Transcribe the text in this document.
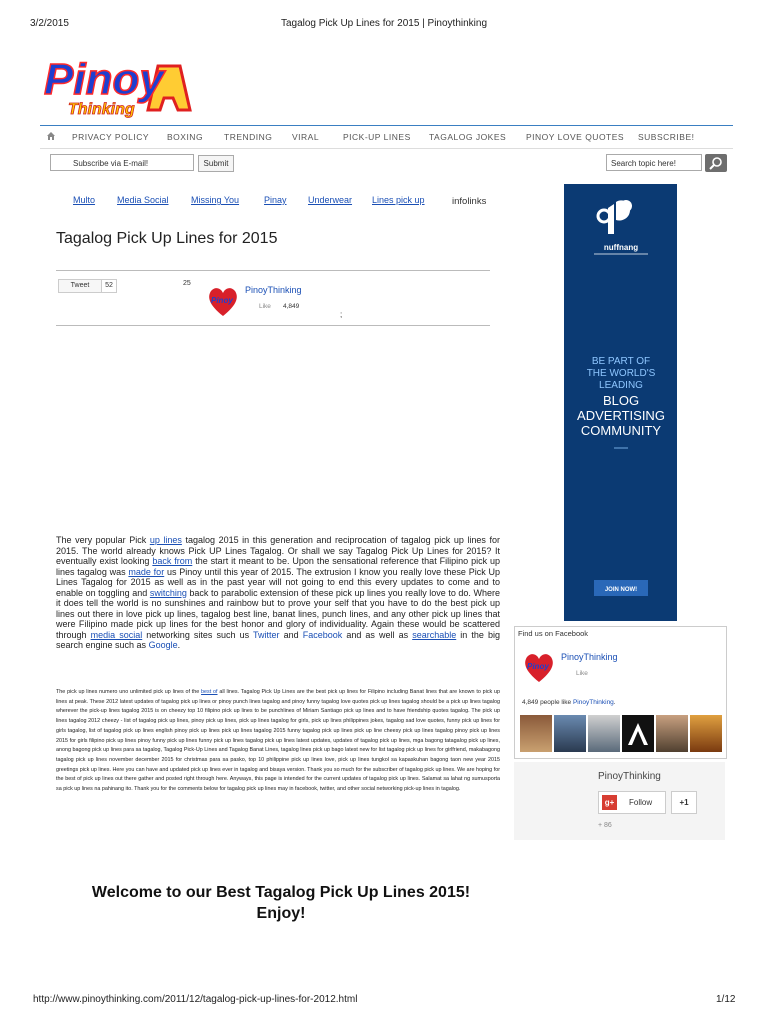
3/2/2015	Tagalog Pick Up Lines for 2015 | Pinoythinking
Pinoy
Thinking
PRIVACY POLICY	BOXING	TRENDING	VIRAL	PICK-UP LINES	TAGALOG JOKES	PINOY LOVE QUOTES	SUBSCRIBE!
Subscribe via E-mail!	Submit	Search topic here!
Multo Media Social Missing You	Pinay Underwear Lines pick up	infolinks
Tagalog Pick Up Lines for 2015
Tweet	52	25
Pinoy
PinoyThinking
Like 4,849
;
nuffnang
BE PART OF
THE WORLD'S
LEADING
BLOG
ADVERTISING
COMMUNITY
JOIN NOW!
The very popular Pick up lines tagalog 2015 in this generation and reciprocation of tagalog pick up lines for 2015. The world already knows Pick UP Lines Tagalog. Or shall we say Tagalog Pick Up Lines for 2015? It eventually exist looking back from the start it meant to be. Upon the sensational reference that Filipino pick up lines tagalog was made for us Pinoy until this year of 2015. The extrusion I know you really love these Pick Up Lines Tagalog for 2015 as well as in the past year will not going to end this every updates to come and to enable on toggling and switching back to parabolic extension of these pick up lines you really love to do. Where it does tell the world is no sunshines and rainbow but to prove your self that you have to do the best pick up lines out there in love pick up lines, tagalog best line, banat lines, punch lines, and any other pick up lines that were Filipino made pick up lines for the best honor and glory of individuality. Again these would be scattered through media social networking sites such us Twitter and Facebook and as well as searchable in the big search engine such as Google.
The pick up lines numero uno unlimited pick up lines of the best of all lines. Tagalog Pick Up Lines are the best pick up lines for Filipino including Banat lines that are known to pick up lines at peak. These 2012 latest updates of tagalog pick up lines or pinoy punch lines tagalog and pinoy funny tagalog love quotes pick up lines tagalog should be a pick up lines tagalog wherever the pick-up lines tagalog 2015 is on cheezy top 10 filipino pick up lines to be punchlines of Miriam Santiago pick up lines and to have friendship quotes tagalog. The pick up lines tagalog 2012 cheezy - list of tagalog pick up lines, pinoy pick up lines, pick up lines tagalog for girls, pick up lines philippines jokes, tagalog sad love quotes, funny pick up lines for girls tagalog, list of tagalog pick up lines english pinoy pick up lines pick up lines tagalog 2015 funny tagalog pick up lines pick up line cheesy pick up lines tagalog pinoy pick up lines 2015 for girls filipino pick up lines pinoy funny pick up lines funny pick up lines tagalog pick up lines latest updates, updates of tagalog pick up lines, mga bagong tatagalog pick up lines, anong bagong pick up lines para sa tagalog, Tagalog Pick-Up Lines and Tagalog Banat Lines, tagalog lines pick up bago latest new for list tagalog pick up lines for girlfriend, makabagong tagalog pick up lines november december 2015 for christmas para sa pasko, top 10 philippine pick up lines love, pick up lines tungkol sa kapaskuhan bagong taon new year 2015 greetings pick up lines. Here you can have and updated pick up lines ever in tagalog and bisaya version. Thank you so much for the subscriber of tagalog pick up lines. We are hoping for the best of pick up lines out there gather and posted right through here. Anyways, this page is intended for the current updates of tagalog pick up lines. Salamat sa lahat ng sumusporta sa pick up lines na pahinang ito. Thank you for the comments below for tagalog pick up lines may in facebook, twitter, and other social networking pick-up lines in tagalog.
Welcome to our Best Tagalog Pick Up Lines 2015!
Enjoy!
Find us on Facebook
Pinoy
PinoyThinking
Like
4,849 people like PinoyThinking.
PinoyThinking
g+	Follow	+1
+ 86
http://www.pinoythinking.com/2011/12/tagalog-pick-up-lines-for-2012.html	1/12
